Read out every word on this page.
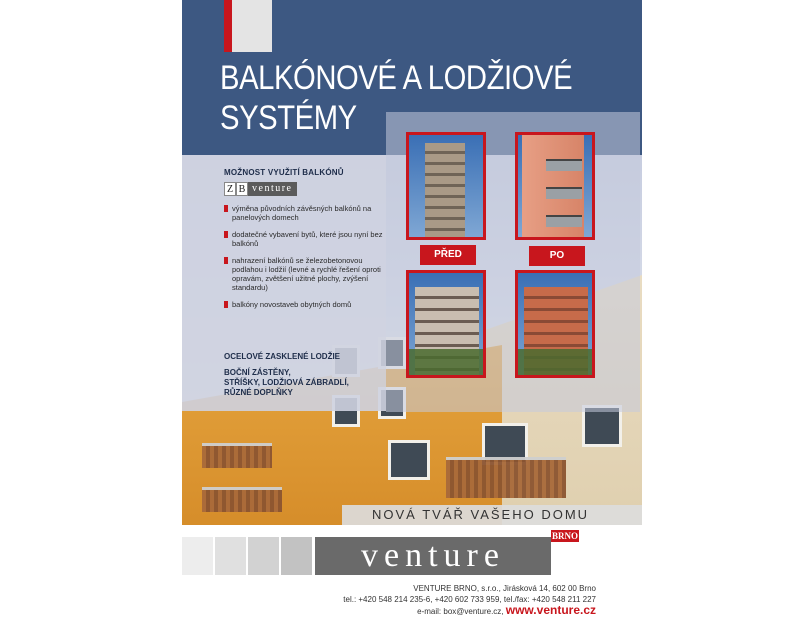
BALKÓNOVÉ A LODŽIOVÉ
SYSTÉMY
MOŽNOST VYUŽITÍ BALKÓNŮ
Z B venture
výměna původních závěsných balkónů na panelových domech
dodatečné vybavení bytů, které jsou nyní bez balkónů
nahrazení balkónů se železobetonovou podlahou i lodžií (levné a rychlé řešení oproti opravám, zvětšení užitné plochy, zvýšení standardu)
balkóny novostaveb obytných domů
OCELOVÉ ZASKLENÉ LODŽIE
BOČNÍ ZÁSTĚNY,
STŘÍŠKY, LODŽIOVÁ ZÁBRADLÍ,
RŮZNÉ DOPLŇKY
PŘED	PO
NOVÁ TVÁŘ VAŠEHO DOMU
venture
BRNO
VENTURE BRNO, s.r.o., Jirásková 14, 602 00 Brno
tel.: +420 548 214 235-6, +420 602 733 959, tel./fax: +420 548 211 227
e-mail: box@venture.cz, www.venture.cz
